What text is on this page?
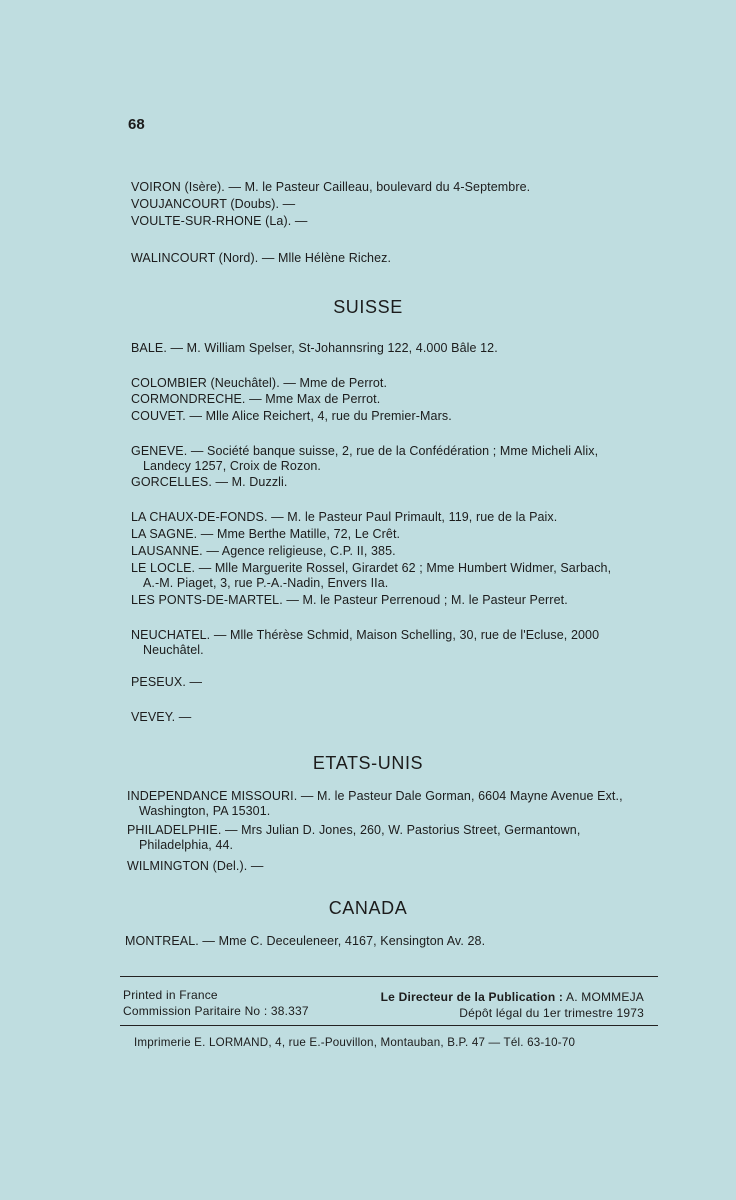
68
VOIRON (Isère). — M. le Pasteur Cailleau, boulevard du 4-Septembre.
VOUJANCOURT (Doubs). —
VOULTE-SUR-RHONE (La). —
WALINCOURT (Nord). — Mlle Hélène Richez.
SUISSE
BALE. — M. William Spelser, St-Johannsring 122, 4.000 Bâle 12.
COLOMBIER (Neuchâtel). — Mme de Perrot.
CORMONDRECHE. — Mme Max de Perrot.
COUVET. — Mlle Alice Reichert, 4, rue du Premier-Mars.
GENEVE. — Société banque suisse, 2, rue de la Confédération ; Mme Micheli Alix,
Landecy 1257, Croix de Rozon.
GORCELLES. — M. Duzzli.
LA CHAUX-DE-FONDS. — M. le Pasteur Paul Primault, 119, rue de la Paix.
LA SAGNE. — Mme Berthe Matille, 72, Le Crêt.
LAUSANNE. — Agence religieuse, C.P. II, 385.
LE LOCLE. — Mlle Marguerite Rossel, Girardet 62 ; Mme Humbert Widmer, Sarbach,
A.-M. Piaget, 3, rue P.-A.-Nadin, Envers IIa.
LES PONTS-DE-MARTEL. — M. le Pasteur Perrenoud ; M. le Pasteur Perret.
NEUCHATEL. — Mlle Thérèse Schmid, Maison Schelling, 30, rue de l'Ecluse, 2000
Neuchâtel.
PESEUX. —
VEVEY. —
ETATS-UNIS
INDEPENDANCE MISSOURI. — M. le Pasteur Dale Gorman, 6604 Mayne Avenue Ext.,
Washington, PA 15301.
PHILADELPHIE. — Mrs Julian D. Jones, 260, W. Pastorius Street, Germantown,
Philadelphia, 44.
WILMINGTON (Del.). —
CANADA
MONTREAL. — Mme C. Deceuleneer, 4167, Kensington Av. 28.
Printed in France
Commission Paritaire No : 38.337
Le Directeur de la Publication : A. MOMMEJA
Dépôt légal du 1er trimestre 1973
Imprimerie E. LORMAND, 4, rue E.-Pouvillon, Montauban, B.P. 47 — Tél. 63-10-70
